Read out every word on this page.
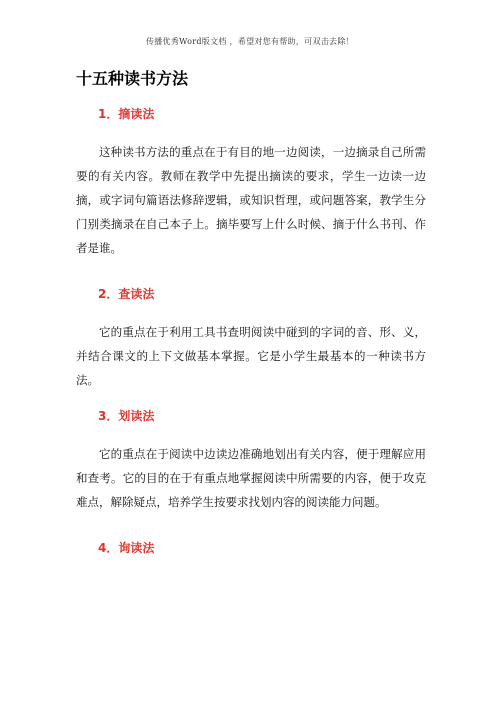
传播优秀Word版文档 ，希望对您有帮助，可双击去除！
十五种读书方法
1．摘读法

这种读书方法的重点在于有目的地一边阅读，一边摘录自己所需要的有关内容。教师在教学中先提出摘读的要求，学生一边读一边摘，或字词句篇语法修辞逻辑，或知识哲理，或问题答案，教学生分门别类摘录在自己本子上。摘毕要写上什么时候、摘于什么书刊、作者是谁。

2．查读法

它的重点在于利用工具书查明阅读中碰到的字词的音、形、义，并结合课文的上下文做基本掌握。它是小学生最基本的一种读书方法。

3．划读法

它的重点在于阅读中边读边准确地划出有关内容，便于理解应用和查考。它的目的在于有重点地掌握阅读中所需要的内容，便于攻克难点，解除疑点，培养学生按要求找划内容的阅读能力问题。

4．询读法
